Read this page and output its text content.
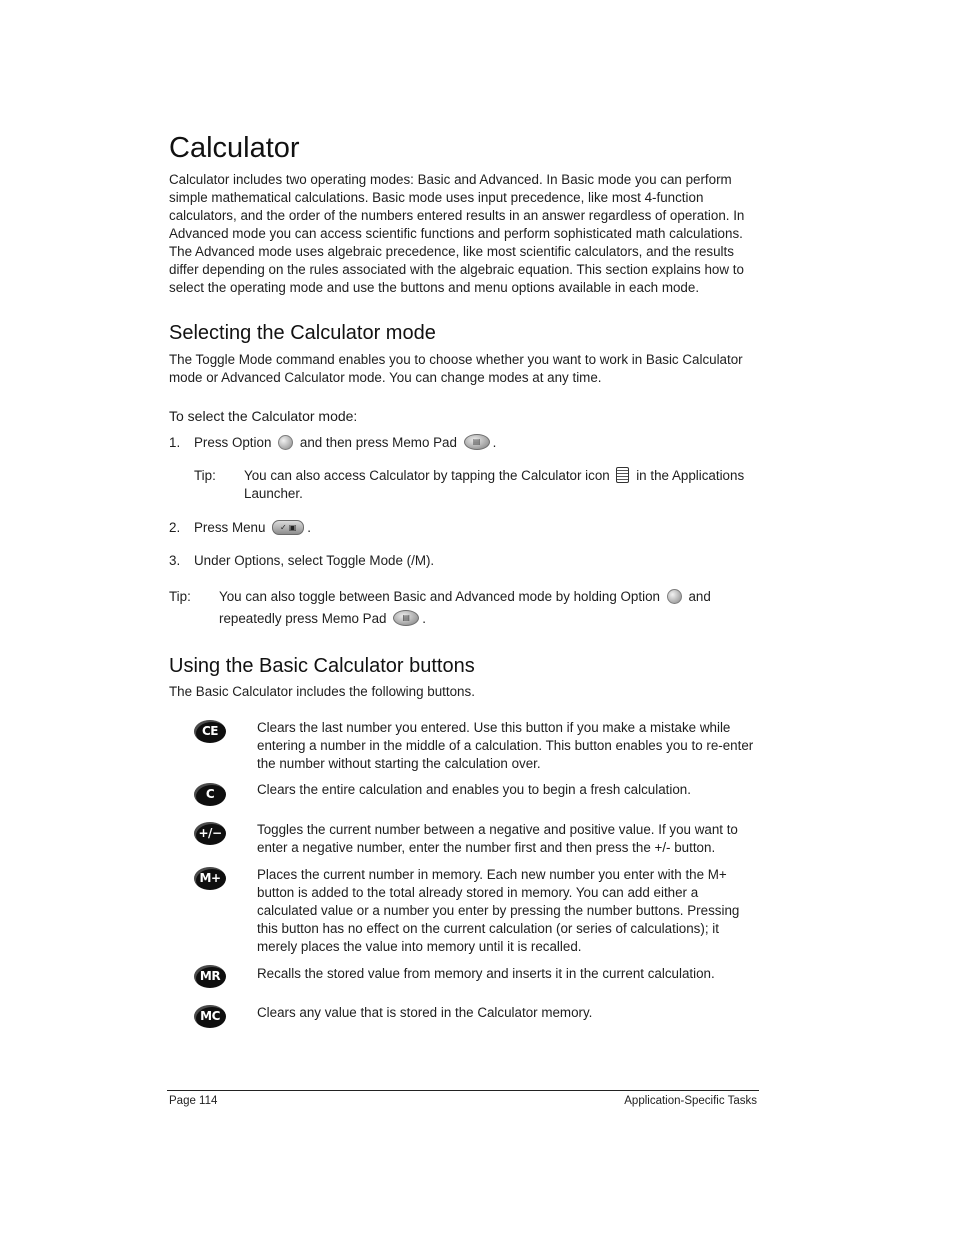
Calculator

Calculator includes two operating modes: Basic and Advanced. In Basic mode you can perform simple mathematical calculations. Basic mode uses input precedence, like most 4-function calculators, and the order of the numbers entered results in an answer regardless of operation. In Advanced mode you can access scientific functions and perform sophisticated math calculations. The Advanced mode uses algebraic precedence, like most scientific calculators, and the results differ depending on the rules associated with the algebraic equation. This section explains how to select the operating mode and use the buttons and menu options available in each mode.

Selecting the Calculator mode

The Toggle Mode command enables you to choose whether you want to work in Basic Calculator mode or Advanced Calculator mode. You can change modes at any time.

To select the Calculator mode:
1. Press Option and then press Memo Pad ▤ .
Tip: You can also access Calculator by tapping the Calculator icon in the Applications Launcher.
2. Press Menu ✓ ▣ .
3. Under Options, select Toggle Mode (/M).
Tip: You can also toggle between Basic and Advanced mode by holding Option and repeatedly press Memo Pad ▤ .
Using the Basic Calculator buttons

The Basic Calculator includes the following buttons.

CE	Clears the last number you entered. Use this button if you make a mistake while entering a number in the middle of a calculation. This button enables you to re-enter the number without starting the calculation over.
C	Clears the entire calculation and enables you to begin a fresh calculation.
+/−	Toggles the current number between a negative and positive value. If you want to enter a negative number, enter the number first and then press the +/- button.
M+	Places the current number in memory. Each new number you enter with the M+ button is added to the total already stored in memory. You can add either a calculated value or a number you enter by pressing the number buttons. Pressing this button has no effect on the current calculation (or series of calculations); it merely places the value into memory until it is recalled.
MR	Recalls the stored value from memory and inserts it in the current calculation.
MC	Clears any value that is stored in the Calculator memory.
Page 114	Application-Specific Tasks
